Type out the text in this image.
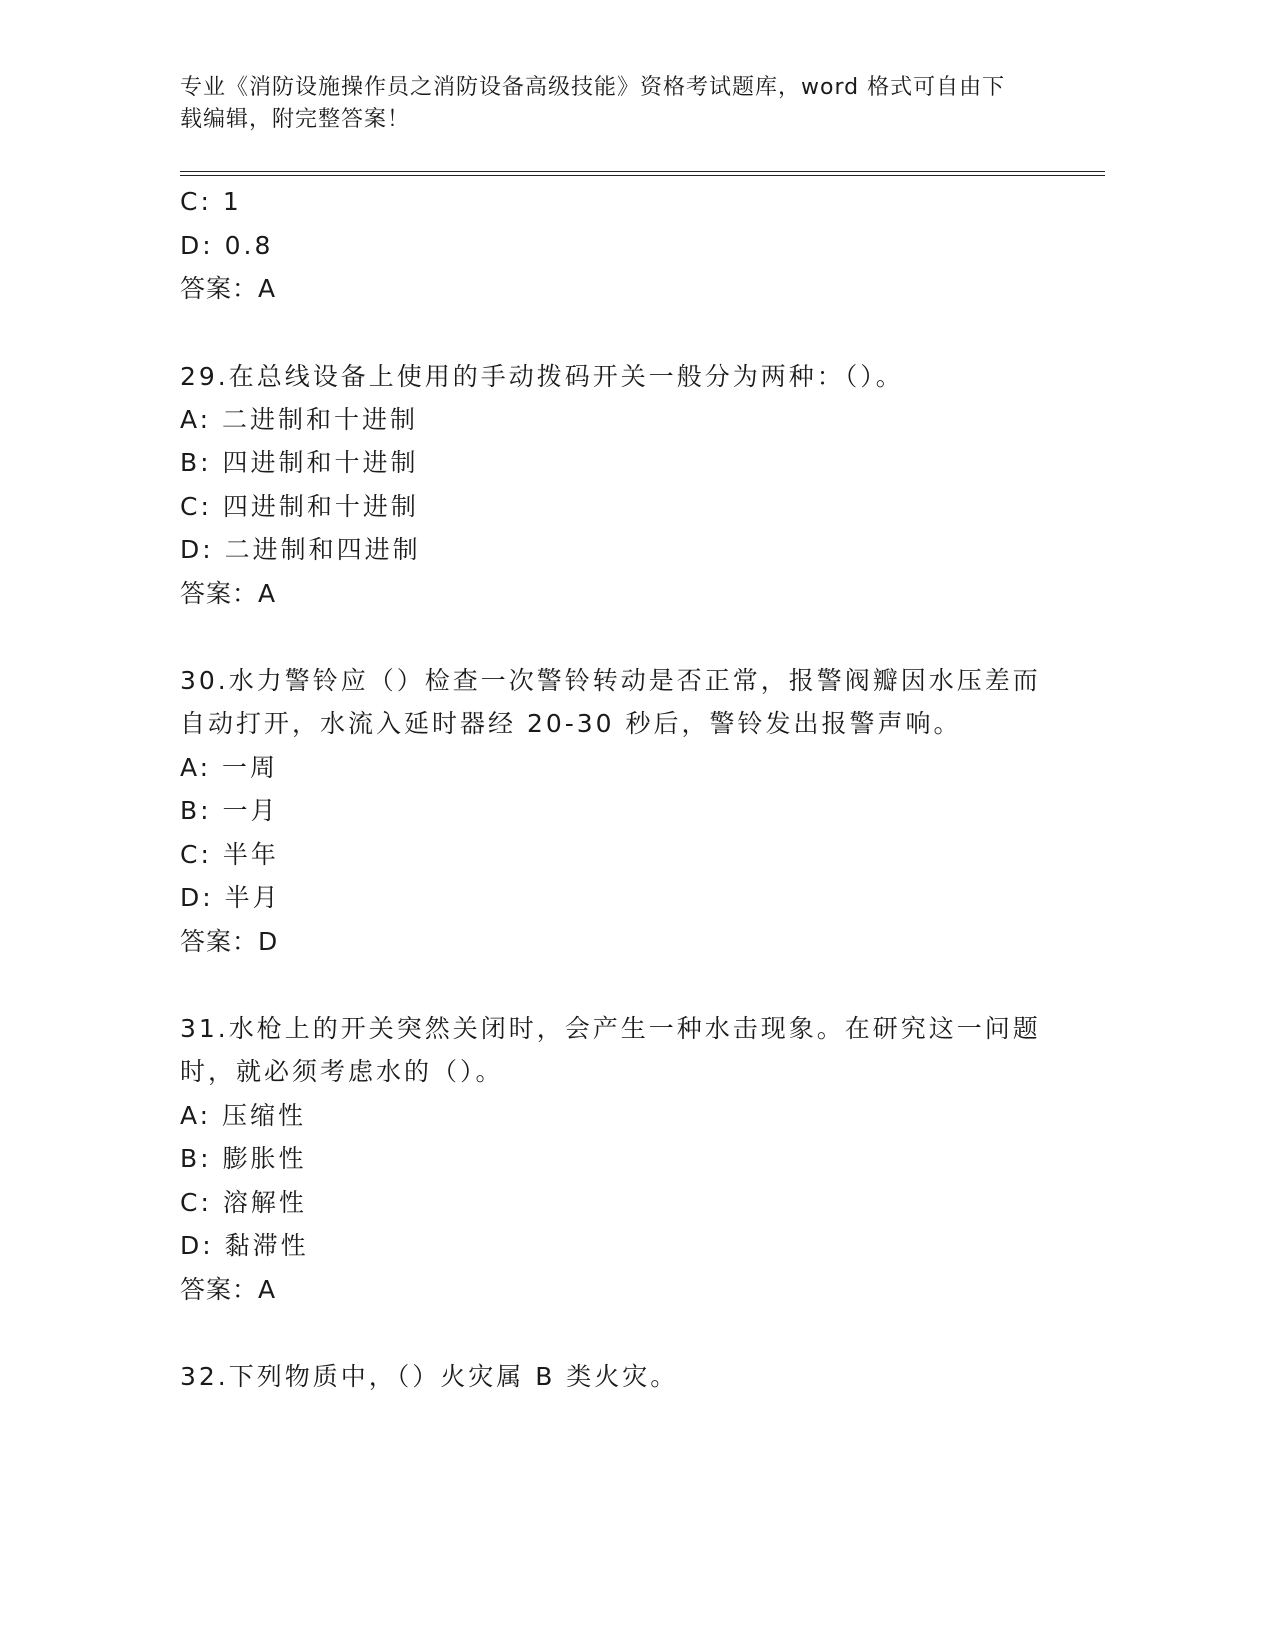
专业《消防设施操作员之消防设备高级技能》资格考试题库，word 格式可自由下
载编辑，附完整答案！
C: 1
D: 0.8
答案：A
29.在总线设备上使用的手动拨码开关一般分为两种：（）。
A: 二进制和十进制
B: 四进制和十进制
C: 四进制和十进制
D: 二进制和四进制
答案：A
30.水力警铃应（）检查一次警铃转动是否正常，报警阀瓣因水压差而
自动打开，水流入延时器经 20-30 秒后，警铃发出报警声响。
A: 一周
B: 一月
C: 半年
D: 半月
答案：D
31.水枪上的开关突然关闭时，会产生一种水击现象。在研究这一问题
时，就必须考虑水的（）。
A: 压缩性
B: 膨胀性
C: 溶解性
D: 黏滞性
答案：A
32.下列物质中，（）火灾属 B 类火灾。
